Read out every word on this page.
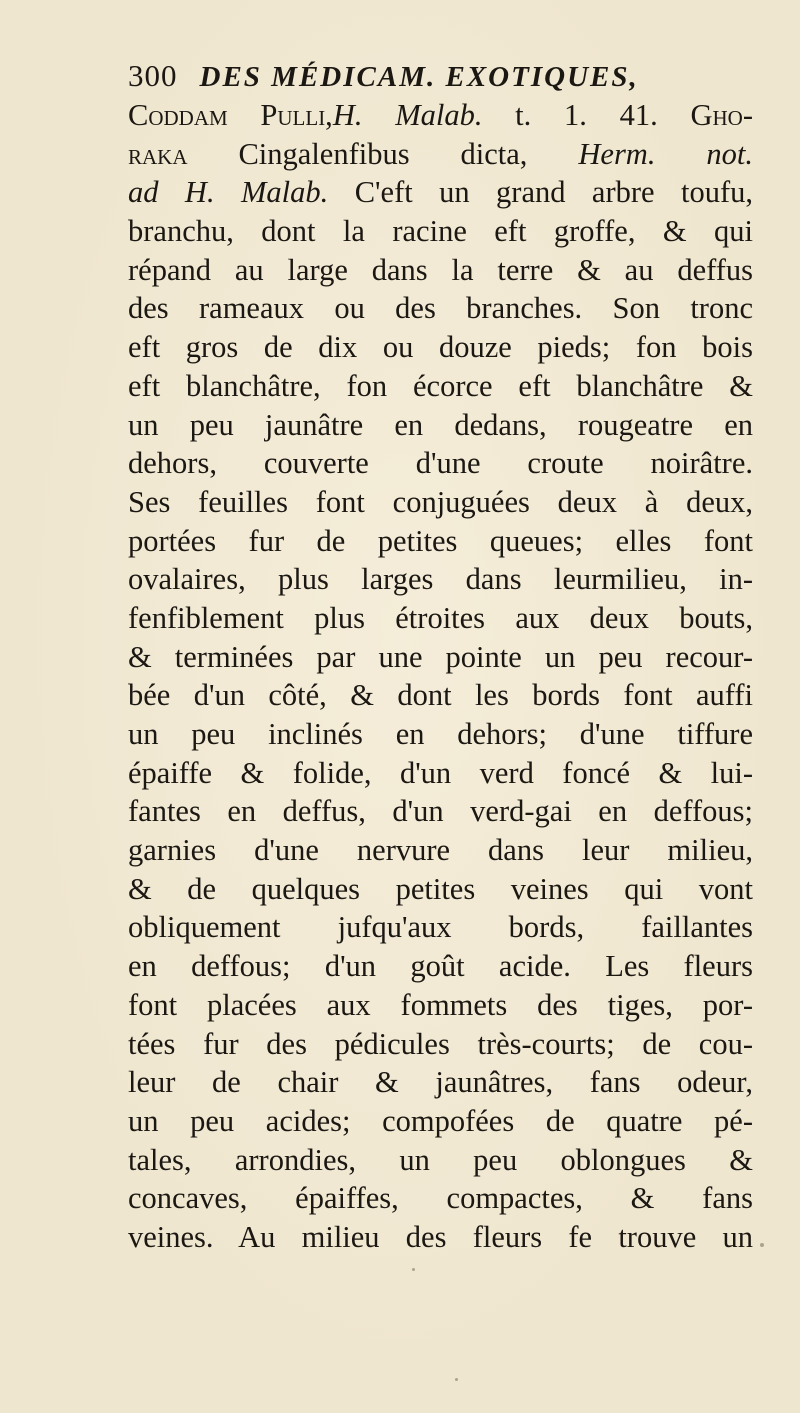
300 DES MÉDICAM. EXOTIQUES,
Coddam Pulli,H. Malab. t. 1. 41. Gho-
raka Cingalenfibus dicta, Herm. not.
ad H. Malab. C'eft un grand arbre toufu,
branchu, dont la racine eft groffe, & qui
répand au large dans la terre & au deffus
des rameaux ou des branches. Son tronc
eft gros de dix ou douze pieds; fon bois
eft blanchâtre, fon écorce eft blanchâtre &
un peu jaunâtre en dedans, rougeatre en
dehors, couverte d'une croute noirâtre.
Ses feuilles font conjuguées deux à deux,
portées fur de petites queues; elles font
ovalaires, plus larges dans leurmilieu, in-
fenfiblement plus étroites aux deux bouts,
& terminées par une pointe un peu recour-
bée d'un côté, & dont les bords font auffi
un peu inclinés en dehors; d'une tiffure
épaiffe & folide, d'un verd foncé & lui-
fantes en deffus, d'un verd-gai en deffous;
garnies d'une nervure dans leur milieu,
& de quelques petites veines qui vont
obliquement jufqu'aux bords, faillantes
en deffous; d'un goût acide. Les fleurs
font placées aux fommets des tiges, por-
tées fur des pédicules très-courts; de cou-
leur de chair & jaunâtres, fans odeur,
un peu acides; compofées de quatre pé-
tales, arrondies, un peu oblongues &
concaves, épaiffes, compactes, & fans
veines. Au milieu des fleurs fe trouve un
